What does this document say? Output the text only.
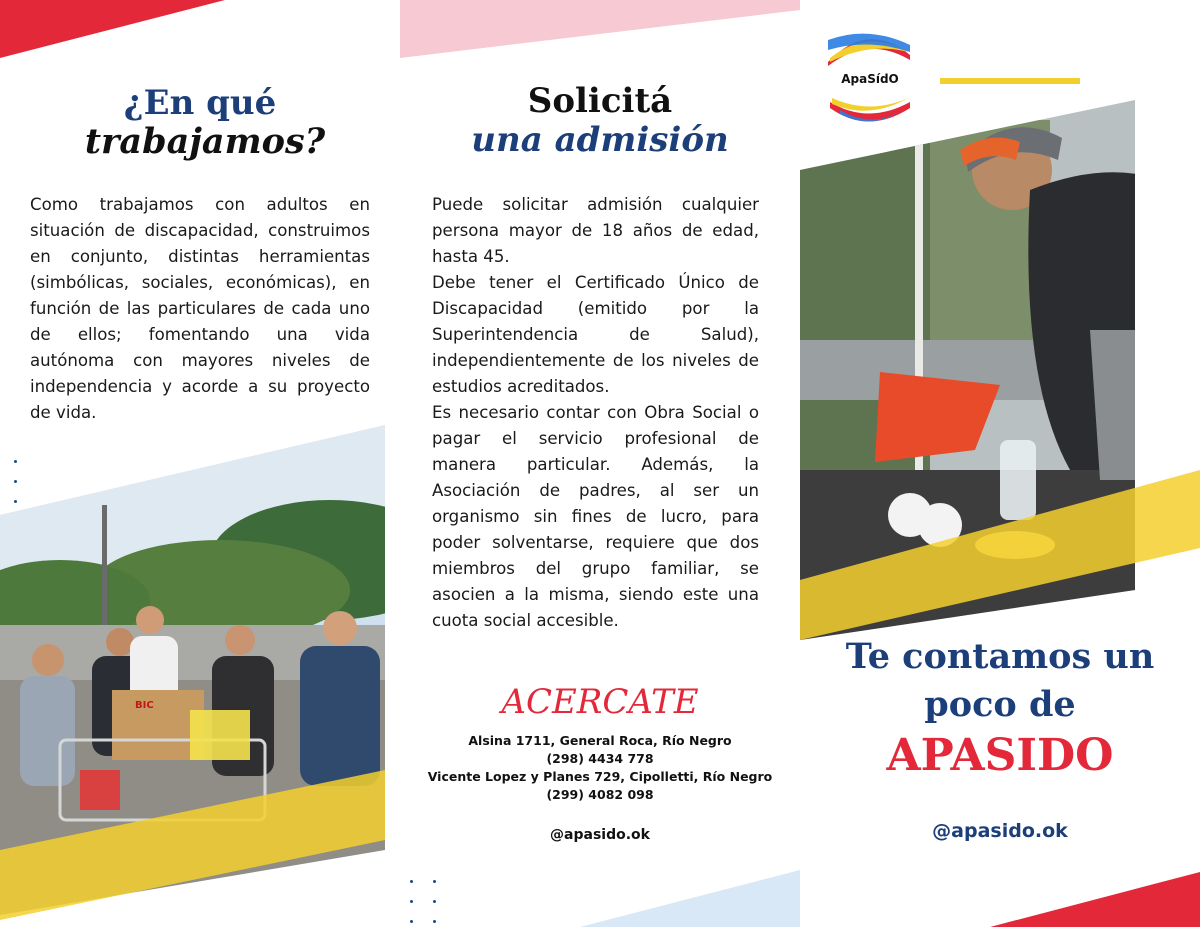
BIC
¿En qué
trabajamos?
Como trabajamos con adultos en situación de discapacidad, construimos en conjunto, distintas herramientas (simbólicas, sociales, económicas), en función de las particulares de cada uno de ellos; fomentando una vida autónoma con mayores niveles de independencia y acorde a su proyecto de vida.
Solicitá
una admisión
Puede solicitar admisión cualquier persona mayor de 18 años de edad, hasta 45.
Debe tener el Certificado Único de Discapacidad (emitido por la Superintendencia de Salud), independientemente de los niveles de estudios acreditados.
Es necesario contar con Obra Social o pagar el servicio profesional de manera particular. Además, la Asociación de padres, al ser un organismo sin fines de lucro, para poder solventarse, requiere que dos miembros del grupo familiar, se asocien a la misma, siendo este una cuota social accesible.
ACERCATE
Alsina 1711, General Roca, Río Negro
(298) 4434 778
Vicente Lopez y Planes 729, Cipolletti, Río Negro
(299) 4082 098
@apasido.ok
ApaSídO
Te contamos un
poco de
APASIDO
@apasido.ok
